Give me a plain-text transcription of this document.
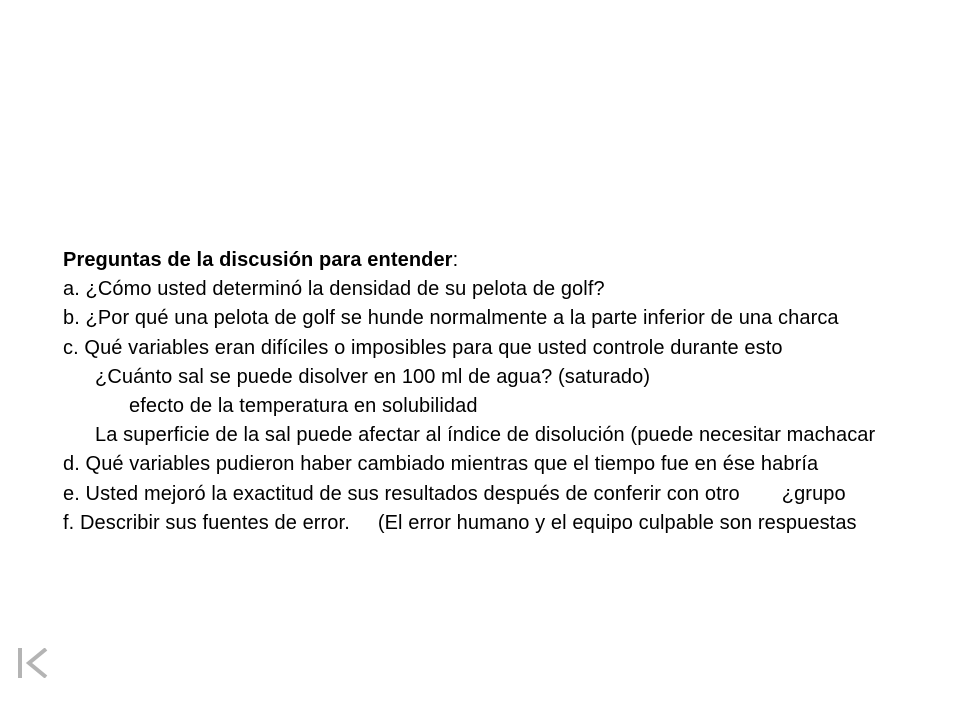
Preguntas de la discusión para entender:
a. ¿Cómo usted determinó la densidad de su pelota de golf?
b. ¿Por qué una pelota de golf se hunde normalmente a la parte inferior de una charca
c. Qué variables eran difíciles o imposibles para que usted controle durante esto
¿Cuánto sal se puede disolver en 100 ml de agua? (saturado)
efecto de la temperatura en solubilidad
La superficie de la sal puede afectar al índice de disolución (puede necesitar machacar
d. Qué variables pudieron haber cambiado mientras que el tiempo fue en ése habría
e. Usted mejoró la exactitud de sus resultados después de conferir con otro ¿grupo
f. Describir sus fuentes de error. (El error humano y el equipo culpable son respuestas
